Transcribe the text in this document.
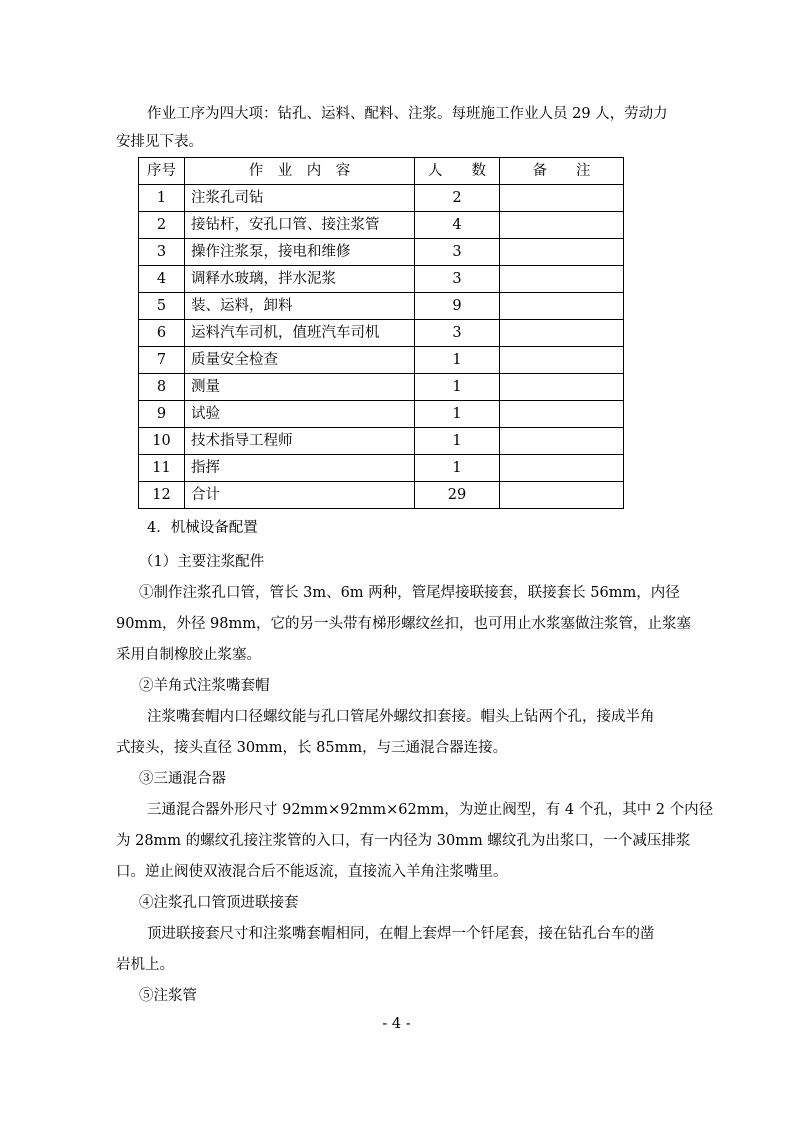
作业工序为四大项：钻孔、运料、配料、注浆。每班施工作业人员 29 人，劳动力
安排见下表。
序号	作　业　内　容	人　　数	备　　注
1	注浆孔司钻	2	
2	接钻杆，安孔口管、接注浆管	4	
3	操作注浆泵，接电和维修	3	
4	调释水玻璃，拌水泥浆	3	
5	装、运料，卸料	9	
6	运料汽车司机，值班汽车司机	3	
7	质量安全检查	1	
8	测量	1	
9	试验	1	
10	技术指导工程师	1	
11	指挥	1	
12	合计	29	
4．机械设备配置
（1）主要注浆配件
①制作注浆孔口管，管长 3m、6m 两种，管尾焊接联接套，联接套长 56mm，内径
90mm，外径 98mm，它的另一头带有梯形螺纹丝扣，也可用止水浆塞做注浆管，止浆塞
采用自制橡胶止浆塞。
②羊角式注浆嘴套帽
注浆嘴套帽内口径螺纹能与孔口管尾外螺纹扣套接。帽头上钻两个孔，接成半角
式接头，接头直径 30mm，长 85mm，与三通混合器连接。
③三通混合器
三通混合器外形尺寸 92mm×92mm×62mm，为逆止阀型，有 4 个孔，其中 2 个内径
为 28mm 的螺纹孔接注浆管的入口，有一内径为 30mm 螺纹孔为出浆口，一个减压排浆
口。逆止阀使双液混合后不能返流，直接流入羊角注浆嘴里。
④注浆孔口管顶进联接套
顶进联接套尺寸和注浆嘴套帽相同，在帽上套焊一个钎尾套，接在钻孔台车的凿
岩机上。
⑤注浆管
- 4 -
